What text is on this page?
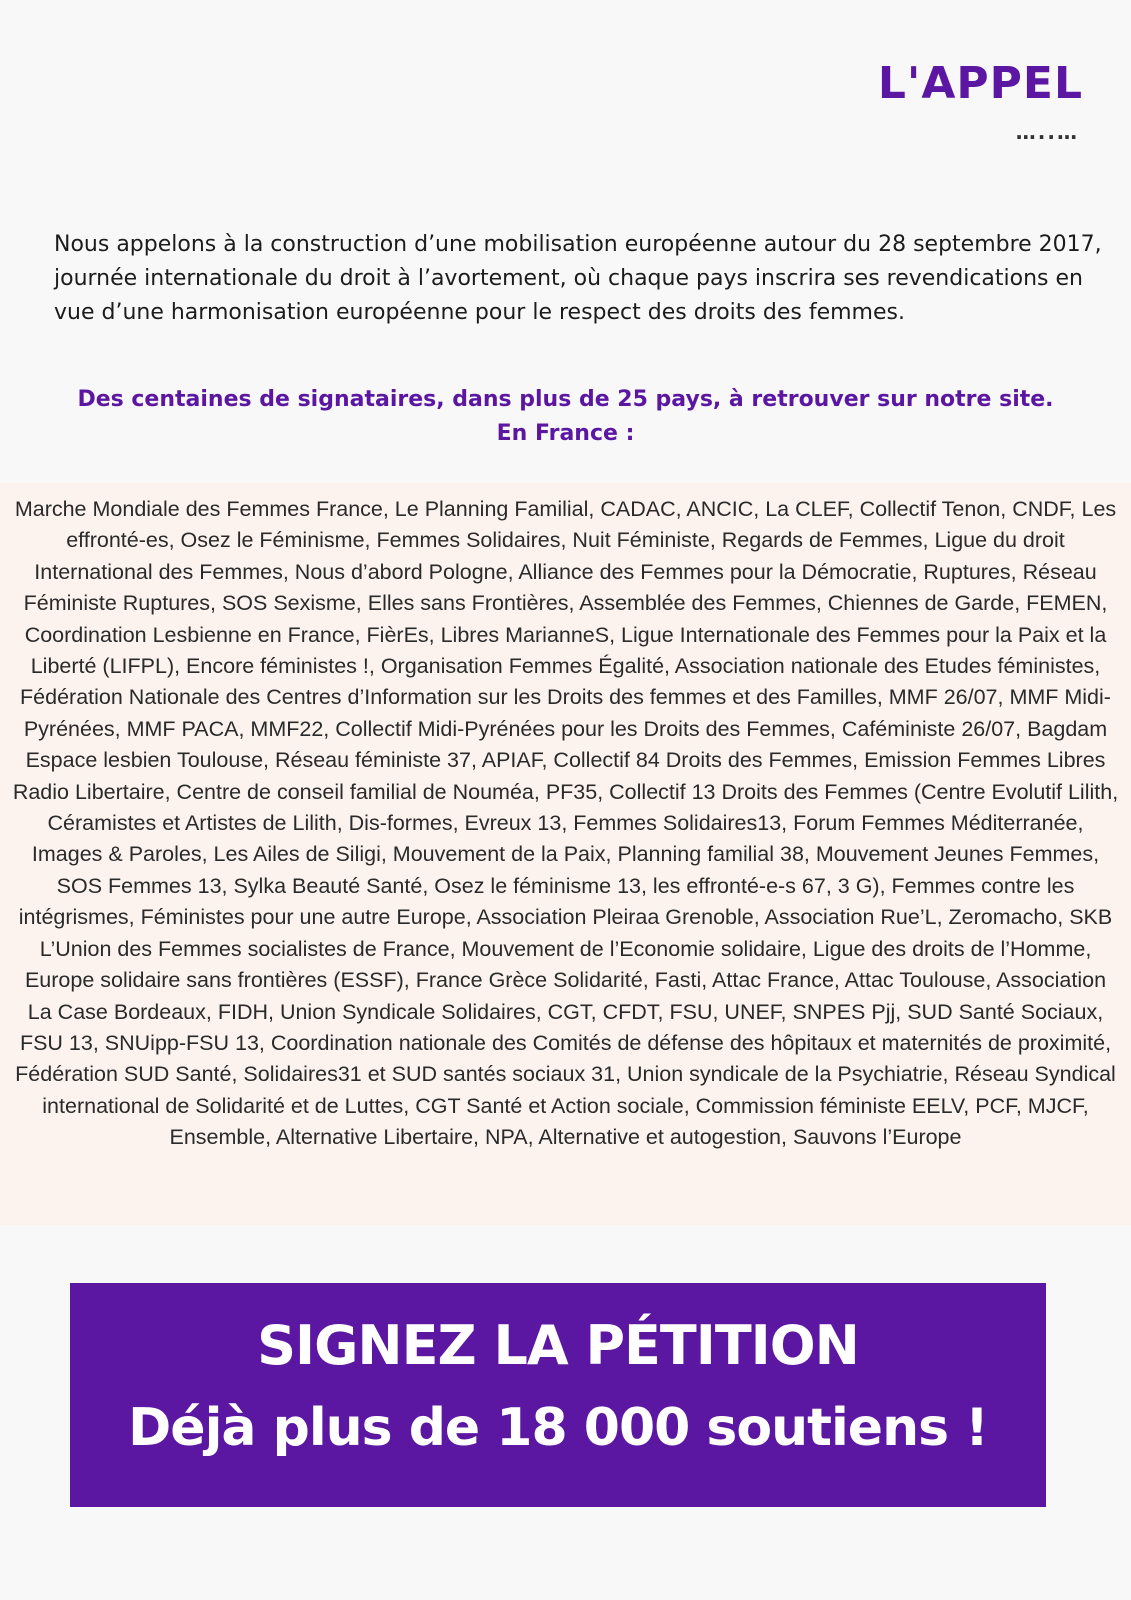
L'APPEL
…..…

Nous appelons à la construction d’une mobilisation européenne autour du 28 septembre 2017, journée internationale du droit à l’avortement, où chaque pays inscrira ses revendications en vue d’une harmonisation européenne pour le respect des droits des femmes.

Des centaines de signataires, dans plus de 25 pays, à retrouver sur notre site.
En France :

Marche Mondiale des Femmes France, Le Planning Familial, CADAC, ANCIC, La CLEF, Collectif Tenon, CNDF, Les effronté-es, Osez le Féminisme, Femmes Solidaires, Nuit Féministe, Regards de Femmes, Ligue du droit International des Femmes, Nous d’abord Pologne, Alliance des Femmes pour la Démocratie, Ruptures, Réseau Féministe Ruptures, SOS Sexisme, Elles sans Frontières, Assemblée des Femmes, Chiennes de Garde, FEMEN, Coordination Lesbienne en France, FièrEs, Libres MarianneS, Ligue Internationale des Femmes pour la Paix et la Liberté (LIFPL), Encore féministes !, Organisation Femmes Égalité, Association nationale des Etudes féministes, Fédération Nationale des Centres d’Information sur les Droits des femmes et des Familles, MMF 26/07, MMF Midi-Pyrénées, MMF PACA, MMF22, Collectif Midi-Pyrénées pour les Droits des Femmes, Caféministe 26/07, Bagdam Espace lesbien Toulouse, Réseau féministe 37, APIAF, Collectif 84 Droits des Femmes, Emission Femmes Libres Radio Libertaire, Centre de conseil familial de Nouméa, PF35, Collectif 13 Droits des Femmes (Centre Evolutif Lilith, Céramistes et Artistes de Lilith, Dis-formes, Evreux 13, Femmes Solidaires13, Forum Femmes Méditerranée, Images & Paroles, Les Ailes de Siligi, Mouvement de la Paix, Planning familial 38, Mouvement Jeunes Femmes, SOS Femmes 13, Sylka Beauté Santé, Osez le féminisme 13, les effronté-e-s 67, 3 G), Femmes contre les intégrismes, Féministes pour une autre Europe, Association Pleiraa Grenoble, Association Rue’L, Zeromacho, SKB L’Union des Femmes socialistes de France, Mouvement de l’Economie solidaire, Ligue des droits de l’Homme, Europe solidaire sans frontières (ESSF), France Grèce Solidarité, Fasti, Attac France, Attac Toulouse, Association La Case Bordeaux, FIDH, Union Syndicale Solidaires, CGT, CFDT, FSU, UNEF, SNPES Pjj, SUD Santé Sociaux, FSU 13, SNUipp-FSU 13, Coordination nationale des Comités de défense des hôpitaux et maternités de proximité, Fédération SUD Santé, Solidaires31 et SUD santés sociaux 31, Union syndicale de la Psychiatrie, Réseau Syndical international de Solidarité et de Luttes, CGT Santé et Action sociale, Commission féministe EELV, PCF, MJCF, Ensemble, Alternative Libertaire, NPA, Alternative et autogestion, Sauvons l’Europe

SIGNEZ LA PÉTITION
Déjà plus de 18 000 soutiens !
